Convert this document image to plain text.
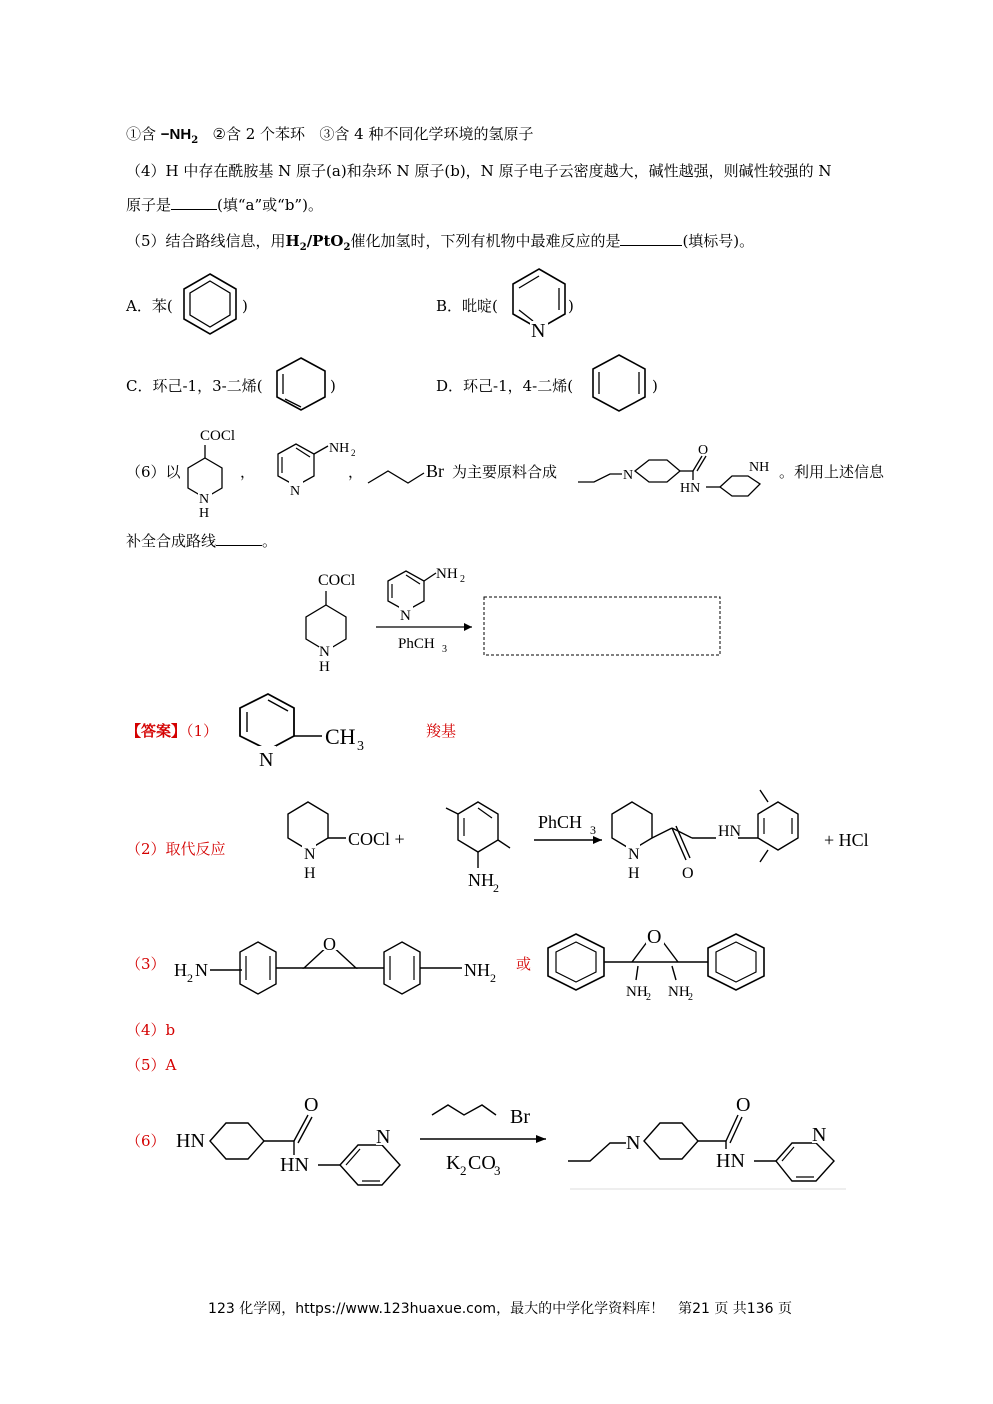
①含 $-NH_2$ ②含 2 个苯环 ③含 4 种不同化学环境的氢原子
（4）H 中存在酰胺基 N 原子(a)和杂环 N 原子(b)，N 原子电子云密度越大，碱性越强，则碱性较强的 N
原子是	(填“a”或“b”)。
（5）结合路线信息，用$H_2/PtO_2$催化加氢时，下列有机物中最难反应的是	(填标号)。
A．苯(	)	B．吡啶(
N
)
C．环己-1，3-二烯(	)	D．环己-1，4-二烯(	)
（6）以
COCl
N
H
，
NH 2
N
，	Br 为主要原料合成	N
O
HN
NH 。利用上述信息
补全合成路线	。
COCl
N
H
NH 2
N
PhCH 3
【答案】（1）	CH 3
N
羧基
（2）取代反应	N
H
COCl +
NH 2
PhCH 3
N
H	O
HN	+ HCl
（3） H 2 N
O
NH 2
或
O
NH
2 NH
2
（4）b
（5）A
（6） HN
O
HN
N
Br
K 2 CO
3
N
O
HN
N
123 化学网，https://www.123huaxue.com，最大的中学化学资料库！　第21 页 共136 页
